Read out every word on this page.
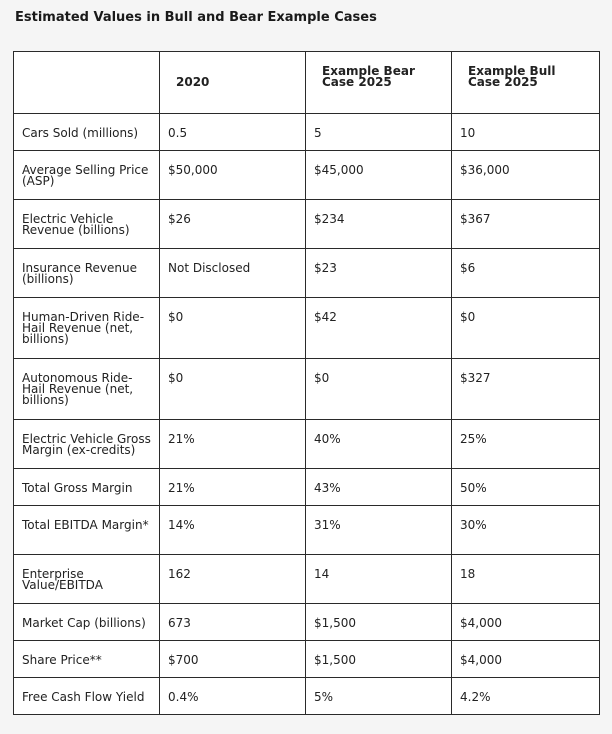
Estimated Values in Bull and Bear Example Cases
	2020	Example Bear Case 2025	Example Bull Case 2025

Cars Sold (millions)	0.5	5	10

Average Selling Price (ASP)	$50,000	$45,000	$36,000

Electric Vehicle Revenue (billions)	$26	$234	$367

Insurance Revenue (billions)	Not Disclosed	$23	$6

Human-Driven Ride-Hail Revenue (net, billions)	$0	$42	$0

Autonomous Ride-Hail Revenue (net, billions)	$0	$0	$327

Electric Vehicle Gross Margin (ex-credits)	21%	40%	25%

Total Gross Margin	21%	43%	50%

Total EBITDA Margin*	14%	31%	30%

Enterprise Value/EBITDA	162	14	18

Market Cap (billions)	673	$1,500	$4,000

Share Price**	$700	$1,500	$4,000

Free Cash Flow Yield	0.4%	5%	4.2%
